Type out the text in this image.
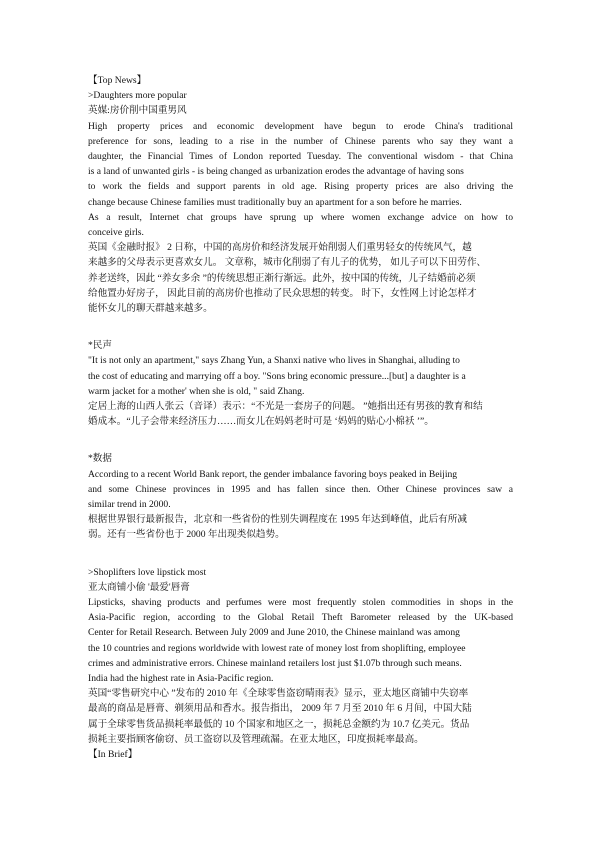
【Top News】
>Daughters more popular
英媒:房价削中国重男风
High property prices and economic development have begun to erode China's traditional
preference for sons, leading to a rise in the number of Chinese parents who say they want a
daughter, the Financial Times of London reported Tuesday. The conventional wisdom - that China
is a land of unwanted girls - is being changed as urbanization erodes the advantage of having sons
to work the fields and support parents in old age. Rising property prices are also driving the
change because Chinese families must traditionally buy an apartment for a son before he marries.
As a result, Internet chat groups have sprung up where women exchange advice on how to
conceive girls.
英国《金融时报》 2 日称，中国的高房价和经济发展开始削弱人们重男轻女的传统风气，越
来越多的父母表示更喜欢女儿。 文章称，城市化削弱了有儿子的优势， 如儿子可以下田劳作、
养老送终，因此 “养女多余 ”的传统思想正渐行渐远。此外，按中国的传统，儿子结婚前必须
给他置办好房子， 因此目前的高房价也推动了民众思想的转变。 时下，女性网上讨论怎样才
能怀女儿的聊天群越来越多。
*民声
"It is not only an apartment," says Zhang Yun, a Shanxi native who lives in Shanghai, alluding to
the cost of educating and marrying off a boy. "Sons bring economic pressure...[but] a daughter is a
warm jacket for a mother' when she is old, " said Zhang.
定居上海的山西人张云（音译）表示：“不光是一套房子的问题。 ”她指出还有男孩的教育和结
婚成本。“儿子会带来经济压力……而女儿在妈妈老时可是 ‘妈妈的贴心小棉袄 ’”。
*数据
According to a recent World Bank report, the gender imbalance favoring boys peaked in Beijing
and some Chinese provinces in 1995 and has fallen since then. Other Chinese provinces saw a
similar trend in 2000.
根据世界银行最新报告，北京和一些省份的性别失调程度在 1995 年达到峰值，此后有所减
弱。还有一些省份也于 2000 年出现类似趋势。
>Shoplifters love lipstick most
亚太商铺小偷 '最爱'唇膏
Lipsticks, shaving products and perfumes were most frequently stolen commodities in shops in the
Asia-Pacific region, according to the Global Retail Theft Barometer released by the UK-based
Center for Retail Research. Between July 2009 and June 2010, the Chinese mainland was among
the 10 countries and regions worldwide with lowest rate of money lost from shoplifting, employee
crimes and administrative errors. Chinese mainland retailers lost just $1.07b through such means.
India had the highest rate in Asia-Pacific region.
英国“零售研究中心 ”发布的 2010 年《全球零售盗窃晴雨表》显示，亚太地区商铺中失窃率
最高的商品是唇膏、剃须用品和香水。报告指出， 2009 年 7 月至 2010 年 6 月间，中国大陆
属于全球零售货品损耗率最低的 10 个国家和地区之一，损耗总金额约为 10.7 亿美元。货品
损耗主要指顾客偷窃、员工盗窃以及管理疏漏。在亚太地区，印度损耗率最高。
【In Brief】
